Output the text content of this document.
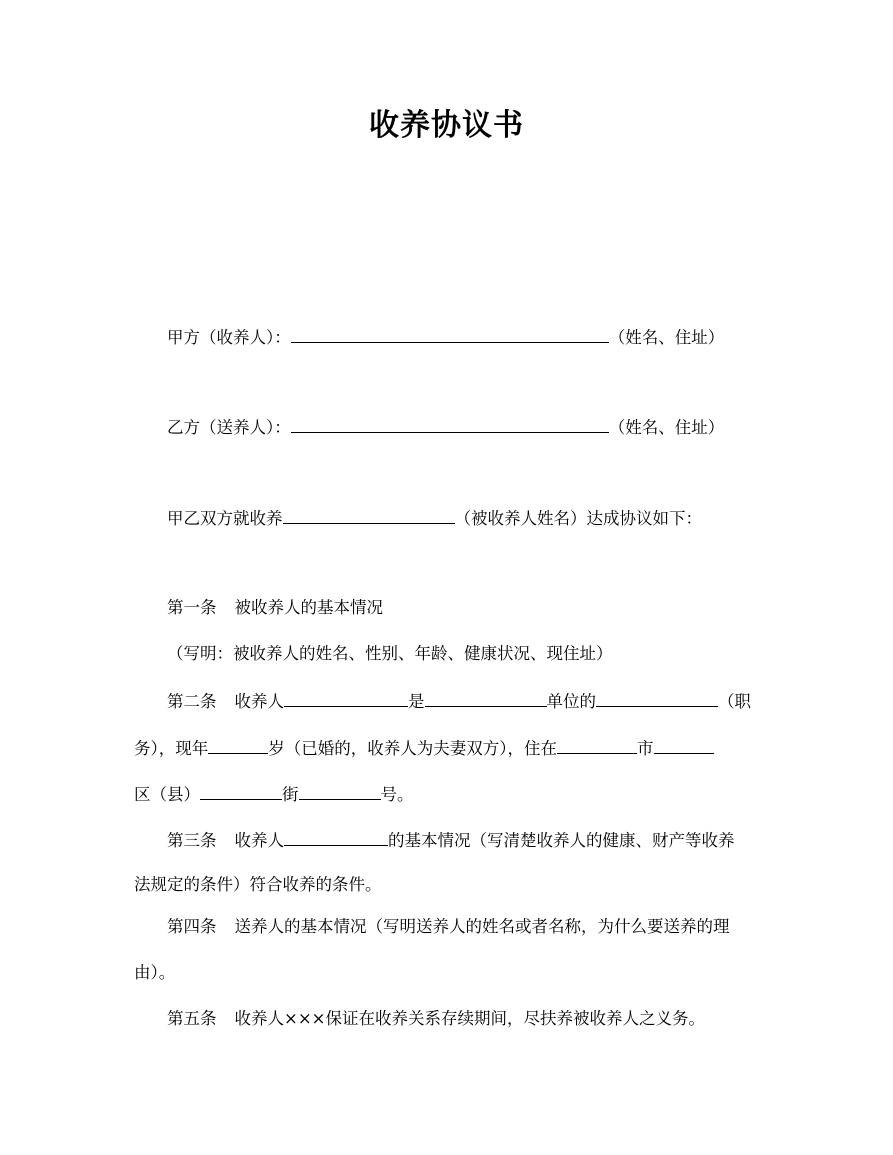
收养协议书
甲方（收养人）：	（姓名、住址）
乙方（送养人）：	（姓名、住址）
甲乙双方就收养	（被收养人姓名）达成协议如下：
第一条 被收养人的基本情况
（写明：被收养人的姓名、性别、年龄、健康状况、现住址）
第二条 收养人	是	单位的	（职
务），现年	岁（已婚的，收养人为夫妻双方），住在	市
区（县）	街	号。
第三条 收养人	的基本情况（写清楚收养人的健康、财产等收养
法规定的条件）符合收养的条件。
第四条 送养人的基本情况（写明送养人的姓名或者名称，为什么要送养的理
由）。
第五条 收养人×××保证在收养关系存续期间，尽扶养被收养人之义务。
